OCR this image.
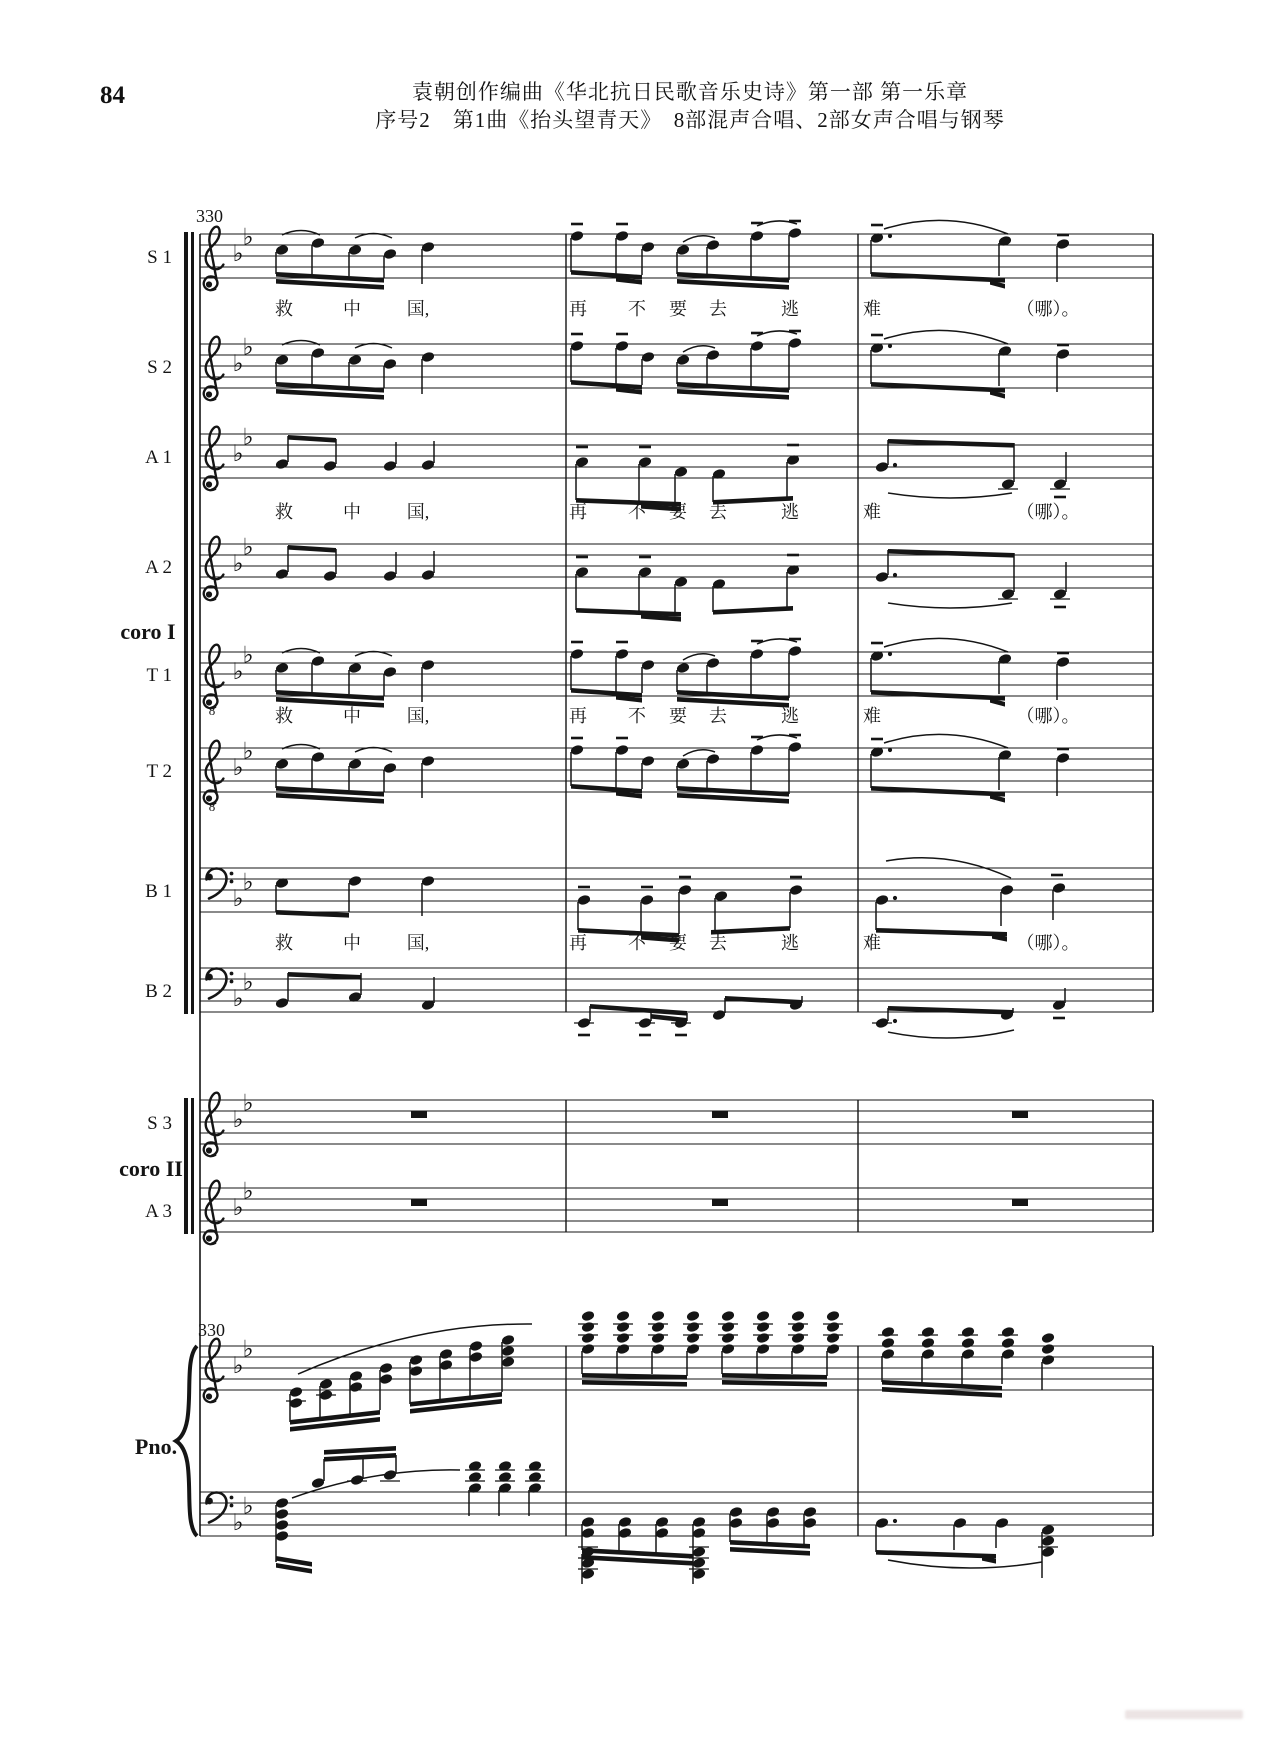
84	袁朝创作编曲《华北抗日民歌音乐史诗》第一部 第一乐章
序号2　第1曲《抬头望青天》　8部混声合唱、2部女声合唱与钢琴
coro I
coro II
Pno.
♭
♭
S 1
♭
♭
S 2
♭
♭
A 1
♭
♭
A 2
8
♭
♭
T 1
8
♭
♭
T 2
♭
♭
B 1
♭
♭
B 2
♭
♭
S 3
♭
♭
A 3
♭
♭
♭
♭
救	中	国,	再 不 要 去	逃	难	（哪）。
救	中	国,	再 不 要 去	逃	难	（哪）。
救	中	国,	再 不 要 去	逃	难	（哪）。
救	中	国,	再 不 要 去	逃	难	（哪）。
330
330
